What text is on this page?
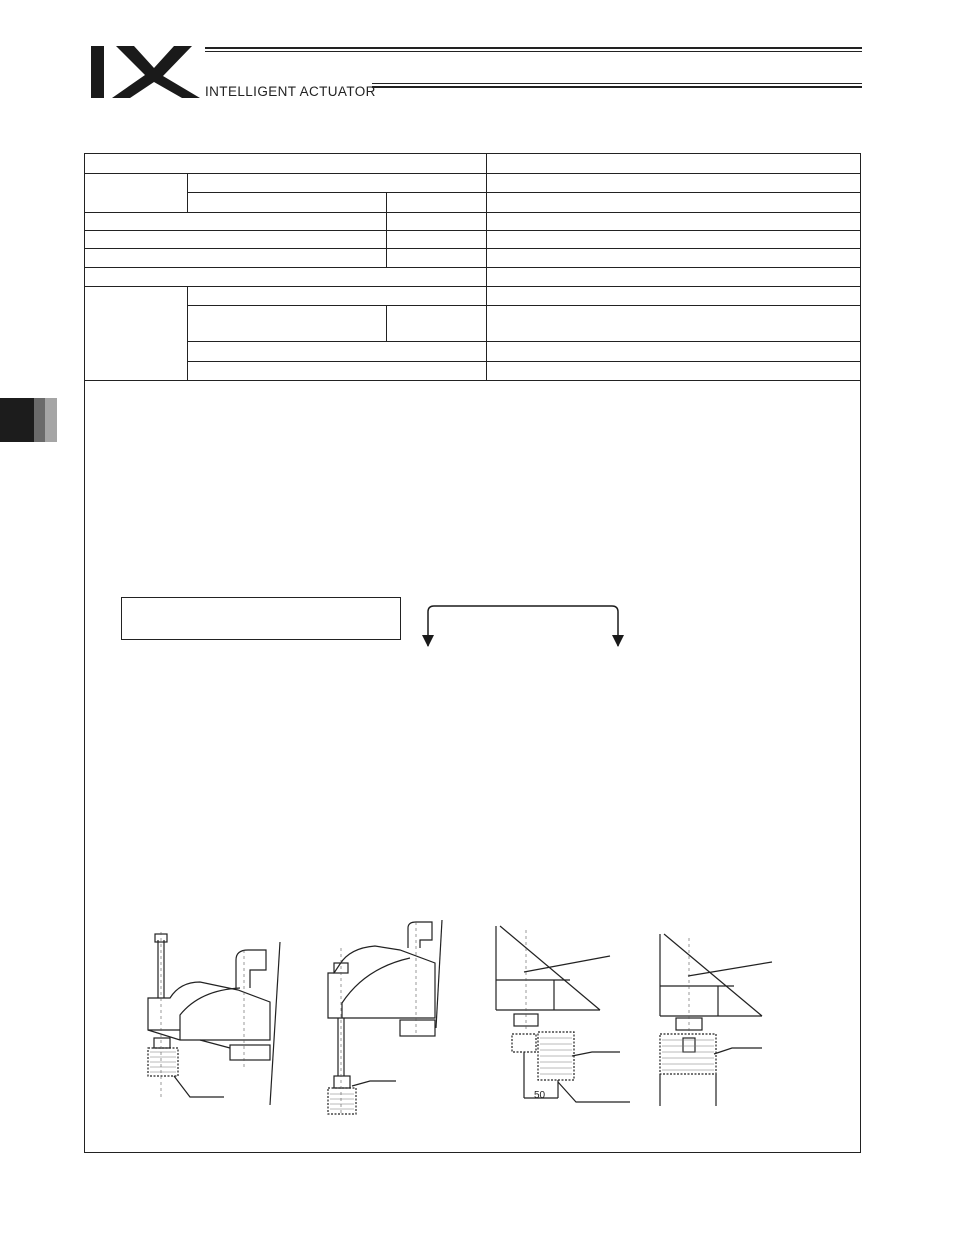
INTELLIGENT ACTUATOR
50
